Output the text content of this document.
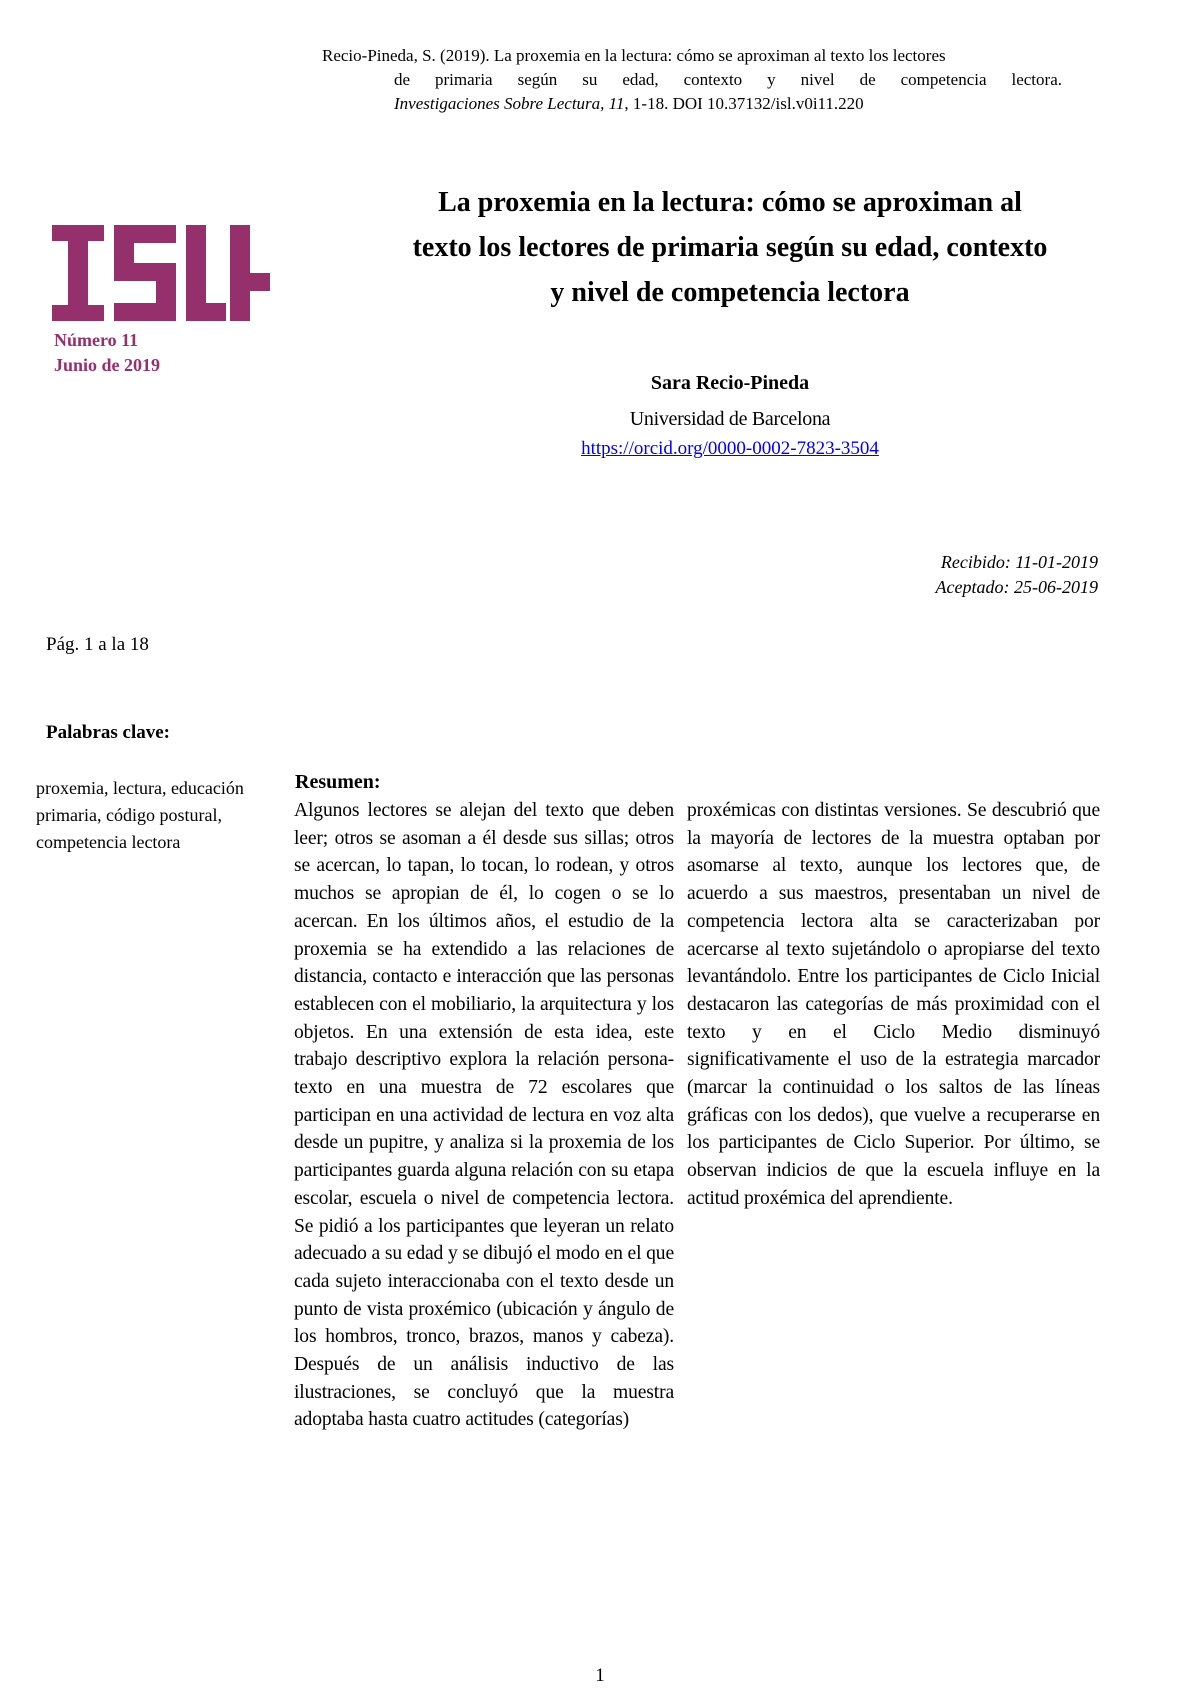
Recio-Pineda, S. (2019). La proxemia en la lectura: cómo se aproximan al texto los lectores
de primaria según su edad, contexto y nivel de competencia lectora.
Investigaciones Sobre Lectura, 11, 1-18. DOI 10.37132/isl.v0i11.220
Número 11
Junio de 2019
La proxemia en la lectura: cómo se aproximan al
texto los lectores de primaria según su edad, contexto
y nivel de competencia lectora
Sara Recio-Pineda
Universidad de Barcelona
https://orcid.org/0000-0002-7823-3504
Recibido: 11-01-2019
Aceptado: 25-06-2019
Pág. 1 a la 18
Palabras clave:
proxemia, lectura, educación
primaria, código postural,
competencia lectora
Resumen:
Algunos lectores se alejan del texto que deben leer; otros se asoman a él desde sus sillas; otros se acercan, lo tapan, lo tocan, lo rodean, y otros muchos se apropian de él, lo cogen o se lo acercan. En los últimos años, el estudio de la proxemia se ha extendido a las relaciones de distancia, contacto e interacción que las personas establecen con el mobiliario, la arquitectura y los objetos. En una extensión de esta idea, este trabajo descriptivo explora la relación persona-texto en una muestra de 72 escolares que participan en una actividad de lectura en voz alta desde un pupitre, y analiza si la proxemia de los participantes guarda alguna relación con su etapa escolar, escuela o nivel de competencia lectora. Se pidió a los participantes que leyeran un relato adecuado a su edad y se dibujó el modo en el que cada sujeto interaccionaba con el texto desde un punto de vista proxémico (ubicación y ángulo de los hombros, tronco, brazos, manos y cabeza). Después de un análisis inductivo de las ilustraciones, se concluyó que la muestra adoptaba hasta cuatro actitudes (categorías)
proxémicas con distintas versiones. Se descubrió que la mayoría de lectores de la muestra optaban por asomarse al texto, aunque los lectores que, de acuerdo a sus maestros, presentaban un nivel de competencia lectora alta se caracterizaban por acercarse al texto sujetándolo o apropiarse del texto levantándolo. Entre los participantes de Ciclo Inicial destacaron las categorías de más proximidad con el texto y en el Ciclo Medio disminuyó significativamente el uso de la estrategia marcador (marcar la continuidad o los saltos de las líneas gráficas con los dedos), que vuelve a recuperarse en los participantes de Ciclo Superior. Por último, se observan indicios de que la escuela influye en la actitud proxémica del aprendiente.
1
